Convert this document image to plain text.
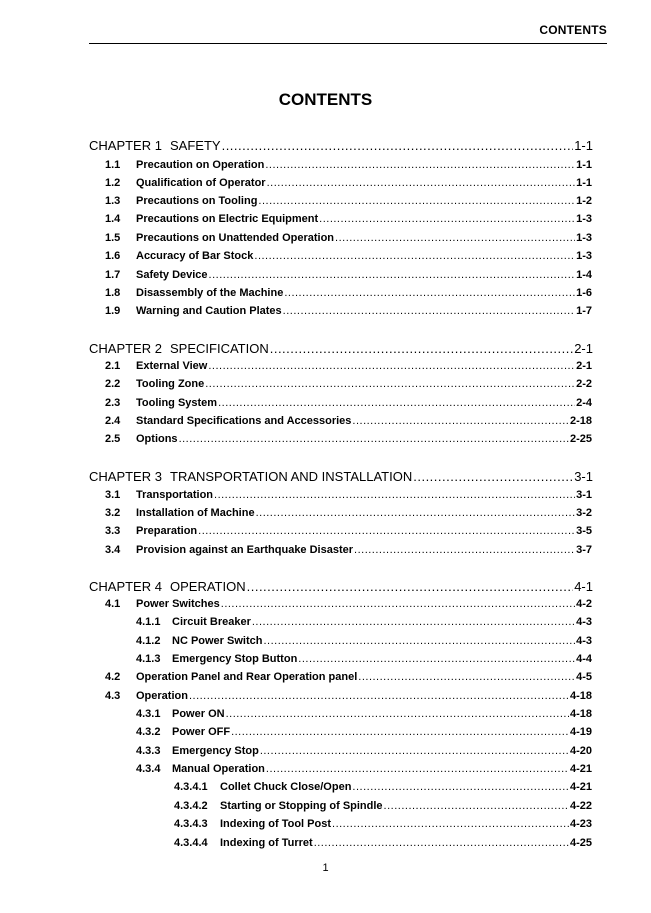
CONTENTS
CONTENTS
CHAPTER 1 SAFETY .....	1-1
1.1 Precaution on Operation .....	1-1
1.2 Qualification of Operator .....	1-1
1.3 Precautions on Tooling .....	1-2
1.4 Precautions on Electric Equipment .....	1-3
1.5 Precautions on Unattended Operation .....	1-3
1.6 Accuracy of Bar Stock .....	1-3
1.7 Safety Device .....	1-4
1.8 Disassembly of the Machine .....	1-6
1.9 Warning and Caution Plates .....	1-7
CHAPTER 2 SPECIFICATION .....	2-1
2.1 External View .....	2-1
2.2 Tooling Zone .....	2-2
2.3 Tooling System .....	2-4
2.4 Standard Specifications and Accessories .....	2-18
2.5 Options .....	2-25
CHAPTER 3 TRANSPORTATION AND INSTALLATION .....	3-1
3.1 Transportation .....	3-1
3.2 Installation of Machine .....	3-2
3.3 Preparation .....	3-5
3.4 Provision against an Earthquake Disaster .....	3-7
CHAPTER 4 OPERATION .....	4-1
4.1 Power Switches .....	4-2
4.1.1 Circuit Breaker .....	4-3
4.1.2 NC Power Switch .....	4-3
4.1.3 Emergency Stop Button .....	4-4
4.2 Operation Panel and Rear Operation panel .....	4-5
4.3 Operation .....	4-18
4.3.1 Power ON .....	4-18
4.3.2 Power OFF .....	4-19
4.3.3 Emergency Stop .....	4-20
4.3.4 Manual Operation .....	4-21
4.3.4.1 Collet Chuck Close/Open .....	4-21
4.3.4.2 Starting or Stopping of Spindle .....	4-22
4.3.4.3 Indexing of Tool Post .....	4-23
4.3.4.4 Indexing of Turret .....	4-25
1
